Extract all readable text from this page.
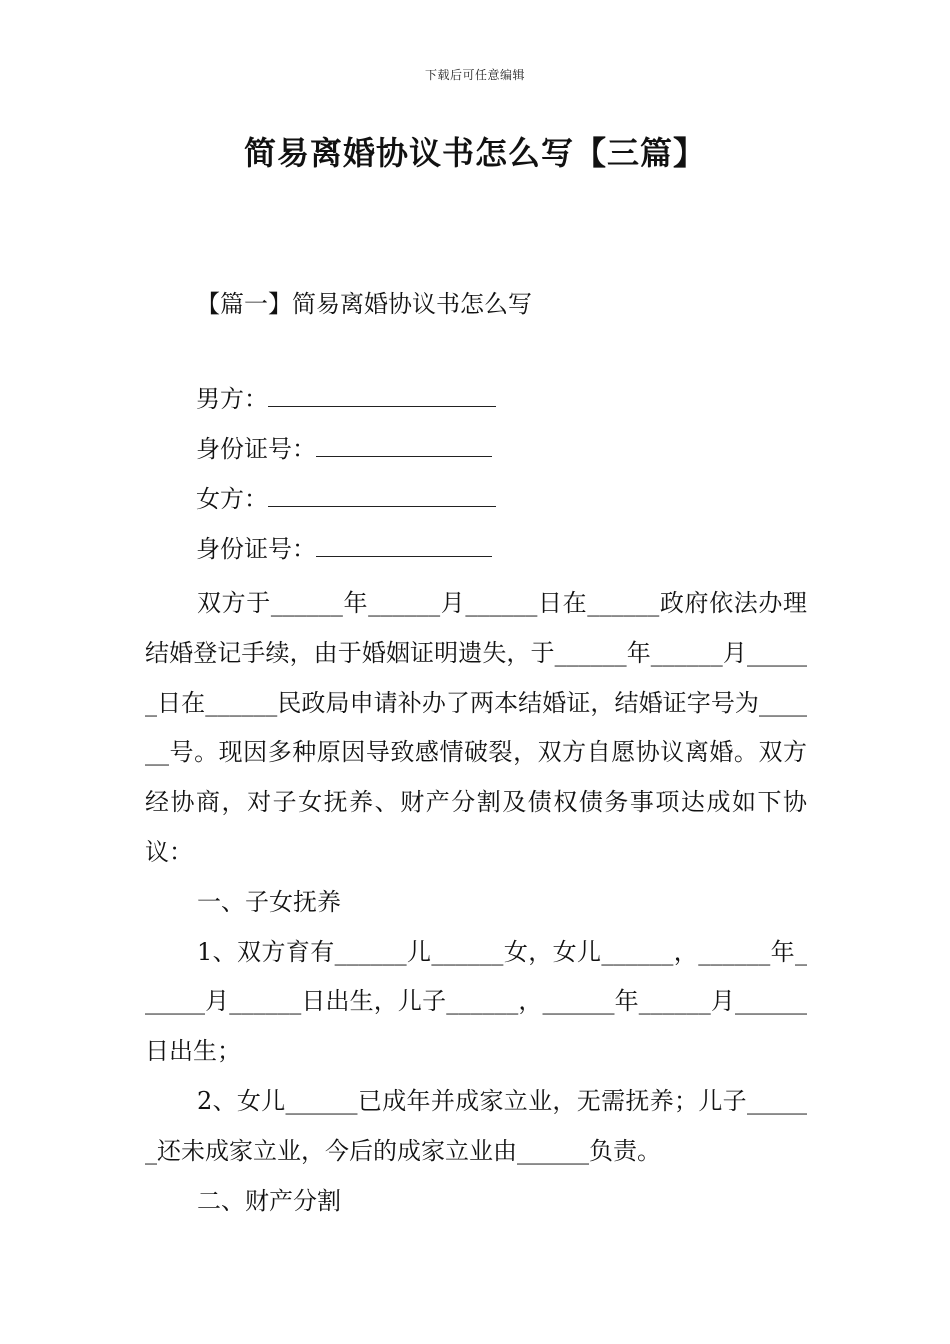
下载后可任意编辑
简易离婚协议书怎么写【三篇】
【篇一】简易离婚协议书怎么写
男方：
身份证号：
女方：
身份证号：

双方于______年______月______日在______政府依法办理结婚登记手续，由于婚姻证明遗失，于______年______月______日在______民政局申请补办了两本结婚证，结婚证字号为______号。现因多种原因导致感情破裂，双方自愿协议离婚。双方经协商，对子女抚养、财产分割及债权债务事项达成如下协议：

一、子女抚养

1、双方育有______儿______女，女儿______，______年______月______日出生，儿子______，______年______月______日出生；

2、女儿______已成年并成家立业，无需抚养；儿子______还未成家立业，今后的成家立业由______负责。

二、财产分割
